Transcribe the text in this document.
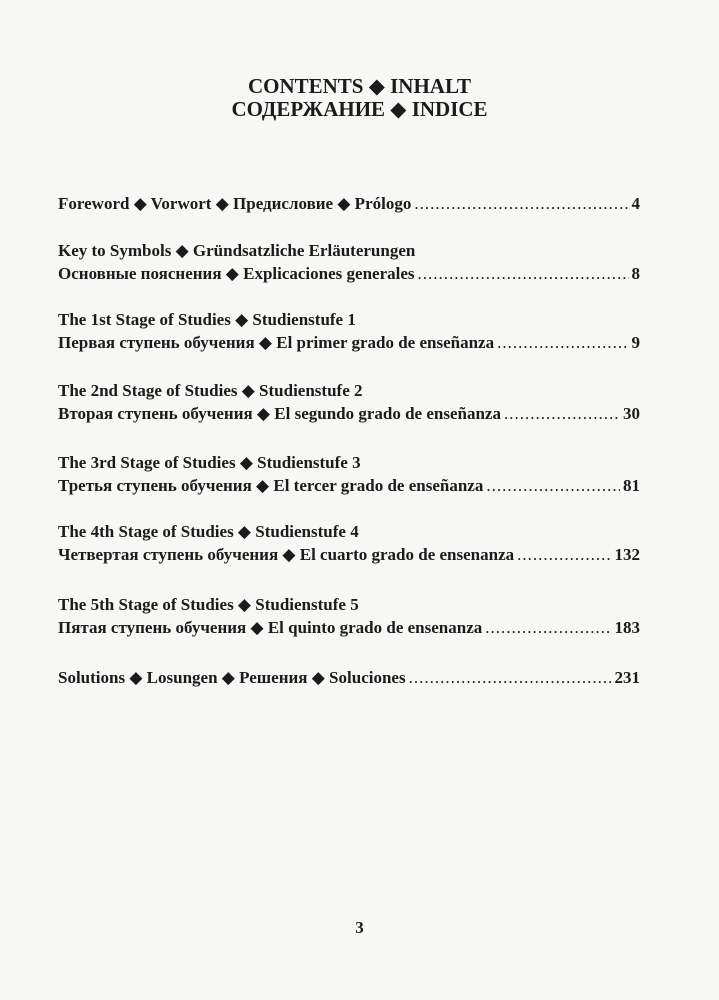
CONTENTS ◆ INHALT
СОДЕРЖАНИЕ ◆ INDICE
Foreword ◆ Vorwort ◆ Предисловие ◆ Prólogo .....	4
Key to Symbols ◆ Gründsatzliche Erläuterungen
Основные пояснения ◆ Explicaciones generales .....	8
The 1st Stage of Studies ◆ Studienstufe 1
Первая ступень обучения ◆ El primer grado de enseñanza .....	9
The 2nd Stage of Studies ◆ Studienstufe 2
Вторая ступень обучения ◆ El segundo grado de enseñanza .....	30
The 3rd Stage of Studies ◆ Studienstufe 3
Третья ступень обучения ◆ El tercer grado de enseñanza .....	81
The 4th Stage of Studies ◆ Studienstufe 4
Четвертая ступень обучения ◆ El cuarto grado de ensenanza .....	132
The 5th Stage of Studies ◆ Studienstufe 5
Пятая ступень обучения ◆ El quinto grado de ensenanza .....	183
Solutions ◆ Losungen ◆ Решения ◆ Soluciones .....	231
3
